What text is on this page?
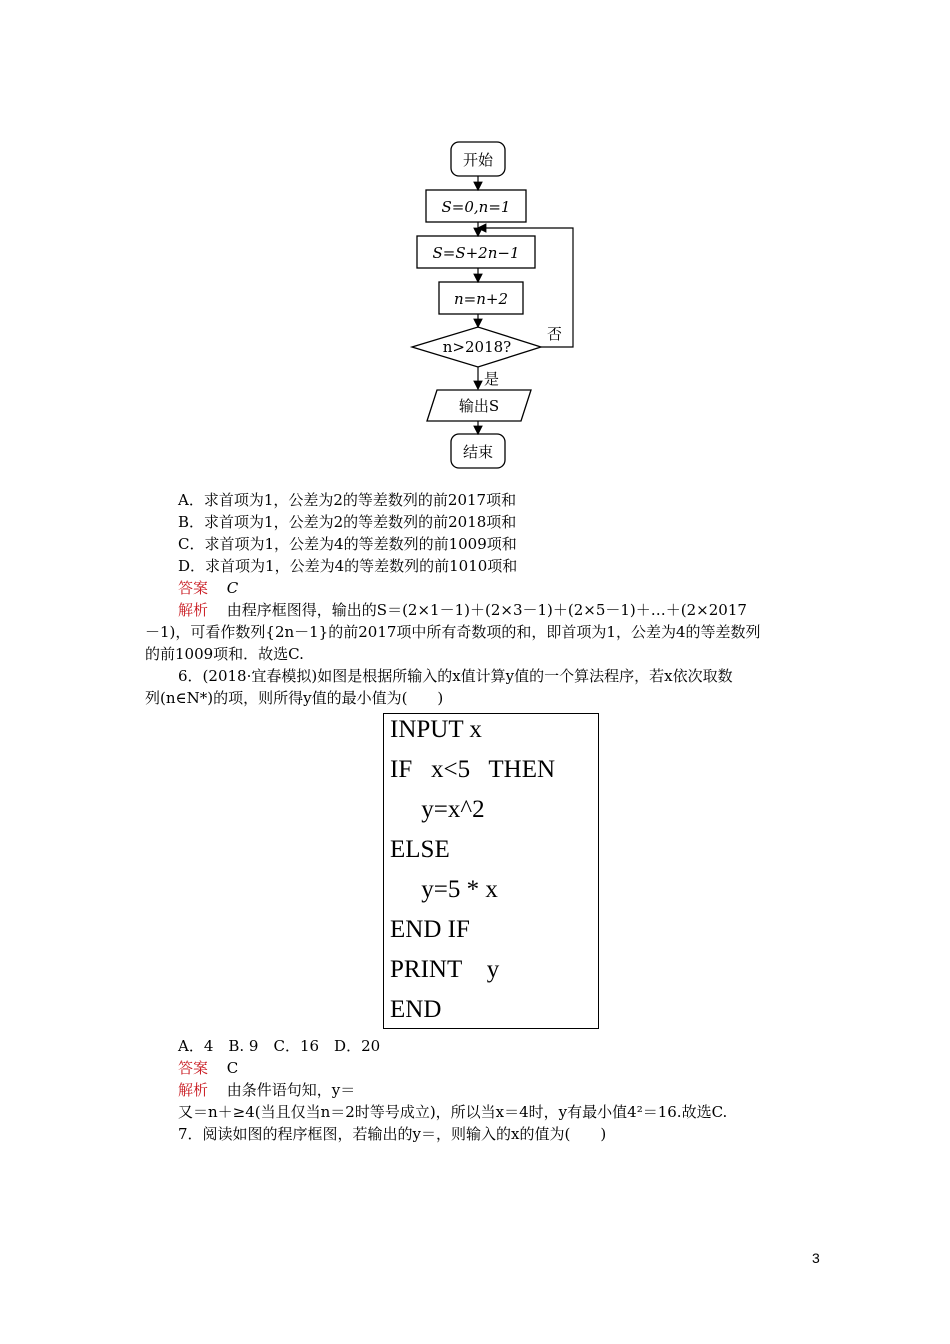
开始
S=0,n=1
S=S+2n−1
n=n+2
n>2018?
否
是
输出S
结束
A．求首项为1，公差为2的等差数列的前2017项和
B．求首项为1，公差为2的等差数列的前2018项和
C．求首项为1，公差为4的等差数列的前1009项和
D．求首项为1，公差为4的等差数列的前1010项和
答案 C
解析 由程序框图得，输出的S＝(2×1－1)＋(2×3－1)＋(2×5－1)＋…＋(2×2017
－1)，可看作数列{2n－1}的前2017项中所有奇数项的和，即首项为1，公差为4的等差数列
的前1009项和．故选C.
6．(2018·宜春模拟)如图是根据所输入的x值计算y值的一个算法程序，若x依次取数
列(n∈N*)的项，则所得y值的最小值为(　　)
INPUT x
IF   x<5   THEN
y=x^2
ELSE
y=5 * x
END IF
PRINT    y
END
A．4　B. 9　C．16　D．20
答案 C
解析 由条件语句知，y＝
又＝n＋≥4(当且仅当n＝2时等号成立)，所以当x＝4时，y有最小值4²＝16.故选C.
7．阅读如图的程序框图，若输出的y＝，则输入的x的值为(　　)
3
